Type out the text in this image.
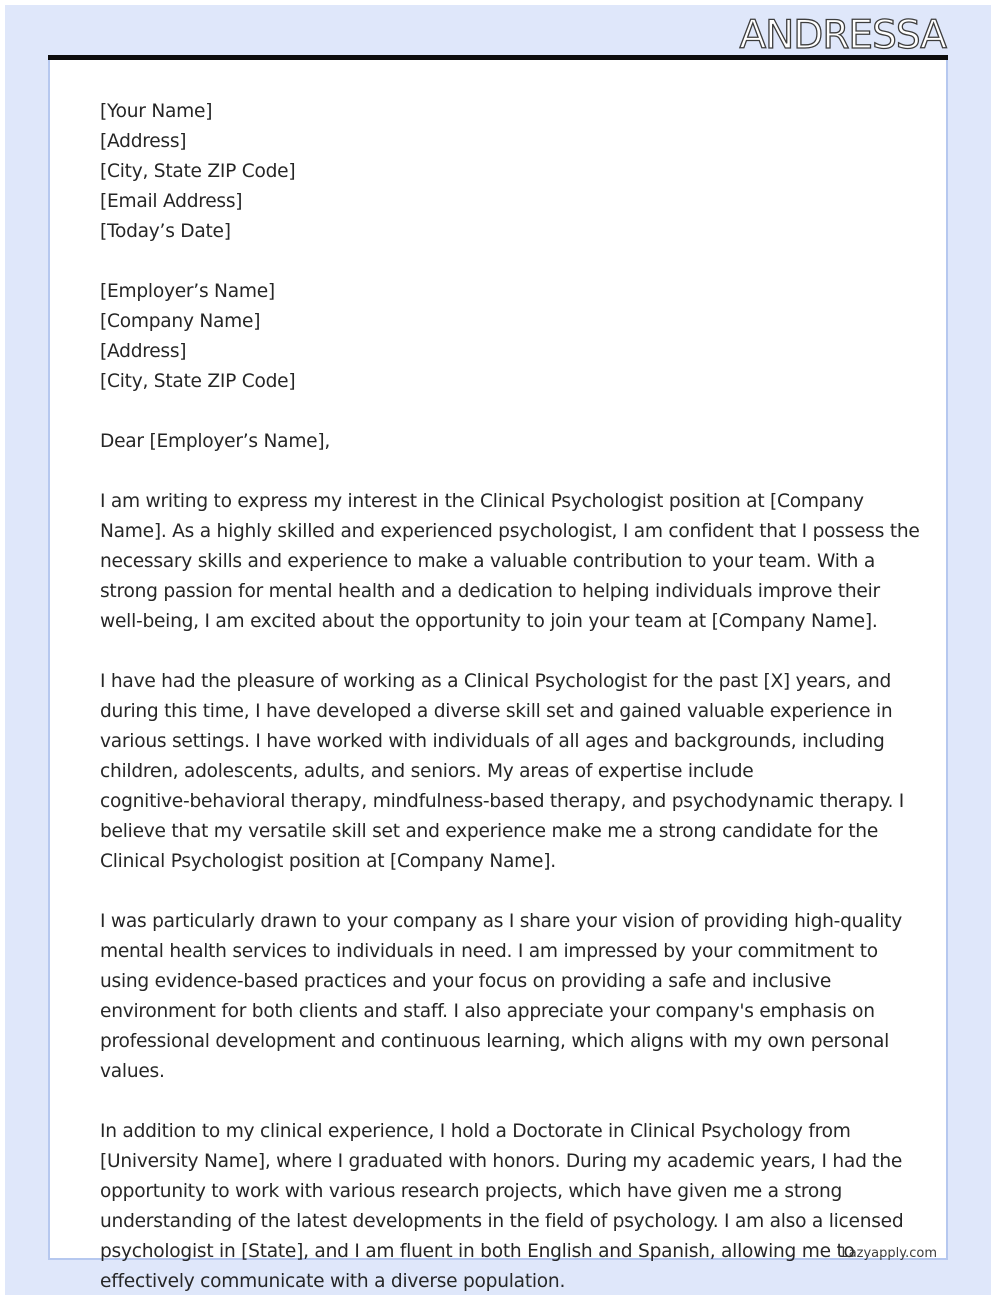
ANDRESSA
[Your Name]
[Address]
[City, State ZIP Code]
[Email Address]
[Today’s Date]
[Employer’s Name]
[Company Name]
[Address]
[City, State ZIP Code]
Dear [Employer’s Name],
I am writing to express my interest in the Clinical Psychologist position at [Company
Name]. As a highly skilled and experienced psychologist, I am confident that I possess the
necessary skills and experience to make a valuable contribution to your team. With a
strong passion for mental health and a dedication to helping individuals improve their
well-being, I am excited about the opportunity to join your team at [Company Name].
I have had the pleasure of working as a Clinical Psychologist for the past [X] years, and
during this time, I have developed a diverse skill set and gained valuable experience in
various settings. I have worked with individuals of all ages and backgrounds, including
children, adolescents, adults, and seniors. My areas of expertise include
cognitive-behavioral therapy, mindfulness-based therapy, and psychodynamic therapy. I
believe that my versatile skill set and experience make me a strong candidate for the
Clinical Psychologist position at [Company Name].
I was particularly drawn to your company as I share your vision of providing high-quality
mental health services to individuals in need. I am impressed by your commitment to
using evidence-based practices and your focus on providing a safe and inclusive
environment for both clients and staff. I also appreciate your company's emphasis on
professional development and continuous learning, which aligns with my own personal
values.
In addition to my clinical experience, I hold a Doctorate in Clinical Psychology from
[University Name], where I graduated with honors. During my academic years, I had the
opportunity to work with various research projects, which have given me a strong
understanding of the latest developments in the field of psychology. I am also a licensed
psychologist in [State], and I am fluent in both English and Spanish, allowing me to
effectively communicate with a diverse population.
Lazyapply.com
